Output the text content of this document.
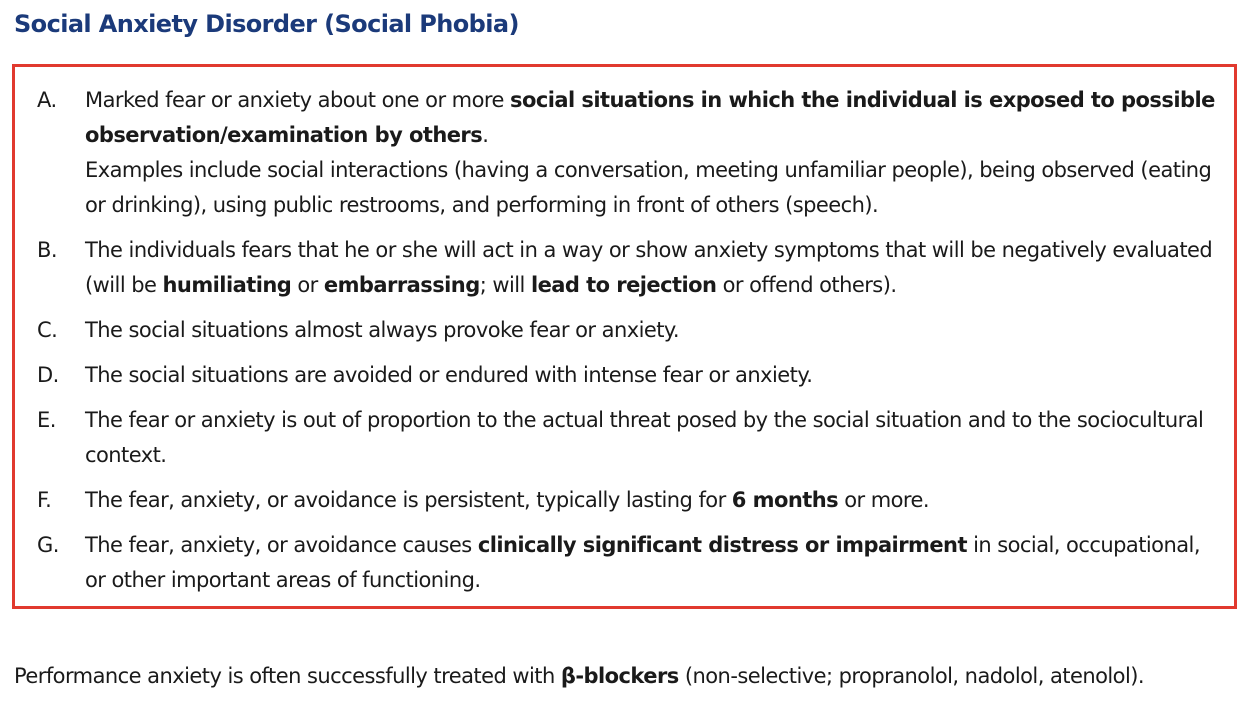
Social Anxiety Disorder (Social Phobia)
A.	Marked fear or anxiety about one or more social situations in which the individual is exposed to possible observation/examination by others.
Examples include social interactions (having a conversation, meeting unfamiliar people), being observed (eating or drinking), using public restrooms, and performing in front of others (speech).
B.	The individuals fears that he or she will act in a way or show anxiety symptoms that will be negatively evaluated (will be humiliating or embarrassing; will lead to rejection or offend others).
C.	The social situations almost always provoke fear or anxiety.
D.	The social situations are avoided or endured with intense fear or anxiety.
E.	The fear or anxiety is out of proportion to the actual threat posed by the social situation and to the sociocultural context.
F.	The fear, anxiety, or avoidance is persistent, typically lasting for 6 months or more.
G.	The fear, anxiety, or avoidance causes clinically significant distress or impairment in social, occupational, or other important areas of functioning.

Performance anxiety is often successfully treated with β-blockers (non-selective; propranolol, nadolol, atenolol).
